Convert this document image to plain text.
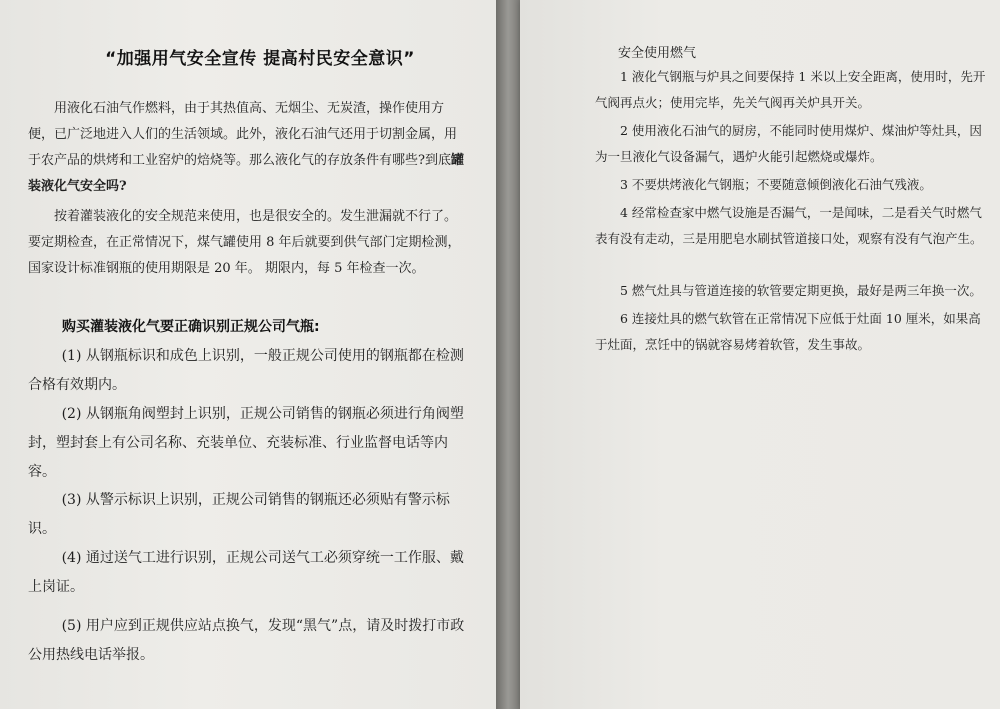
“加强用气安全宣传 提高村民安全意识”
用液化石油气作燃料，由于其热值高、无烟尘、无炭渣，操作使用方便，已广泛地进入人们的生活领域。此外，液化石油气还用于切割金属，用于农产品的烘烤和工业窑炉的焙烧等。那么液化气的存放条件有哪些?到底罐装液化气安全吗?
按着灌装液化的安全规范来使用，也是很安全的。发生泄漏就不行了。要定期检查，在正常情况下，煤气罐使用 8 年后就要到供气部门定期检测，国家设计标准钢瓶的使用期限是 20 年。 期限内，每 5 年检查一次。
购买灌装液化气要正确识别正规公司气瓶:
(1) 从钢瓶标识和成色上识别，一般正规公司使用的钢瓶都在检测合格有效期内。
(2) 从钢瓶角阀塑封上识别，正规公司销售的钢瓶必须进行角阀塑封，塑封套上有公司名称、充装单位、充装标准、行业监督电话等内容。
(3) 从警示标识上识别，正规公司销售的钢瓶还必须贴有警示标识。
(4) 通过送气工进行识别，正规公司送气工必须穿统一工作服、戴上岗证。
(5) 用户应到正规供应站点换气，发现“黑气”点，请及时拨打市政公用热线电话举报。
安全使用燃气
1 液化气钢瓶与炉具之间要保持 1 米以上安全距离，使用时，先开气阀再点火；使用完毕，先关气阀再关炉具开关。
2 使用液化石油气的厨房，不能同时使用煤炉、煤油炉等灶具，因为一旦液化气设备漏气，遇炉火能引起燃烧或爆炸。
3 不要烘烤液化气钢瓶；不要随意倾倒液化石油气残液。
4 经常检查家中燃气设施是否漏气，一是闻味，二是看关气时燃气表有没有走动，三是用肥皂水刷拭管道接口处，观察有没有气泡产生。
5 燃气灶具与管道连接的软管要定期更换，最好是两三年换一次。
6 连接灶具的燃气软管在正常情况下应低于灶面 10 厘米，如果高于灶面，烹饪中的锅就容易烤着软管，发生事故。
